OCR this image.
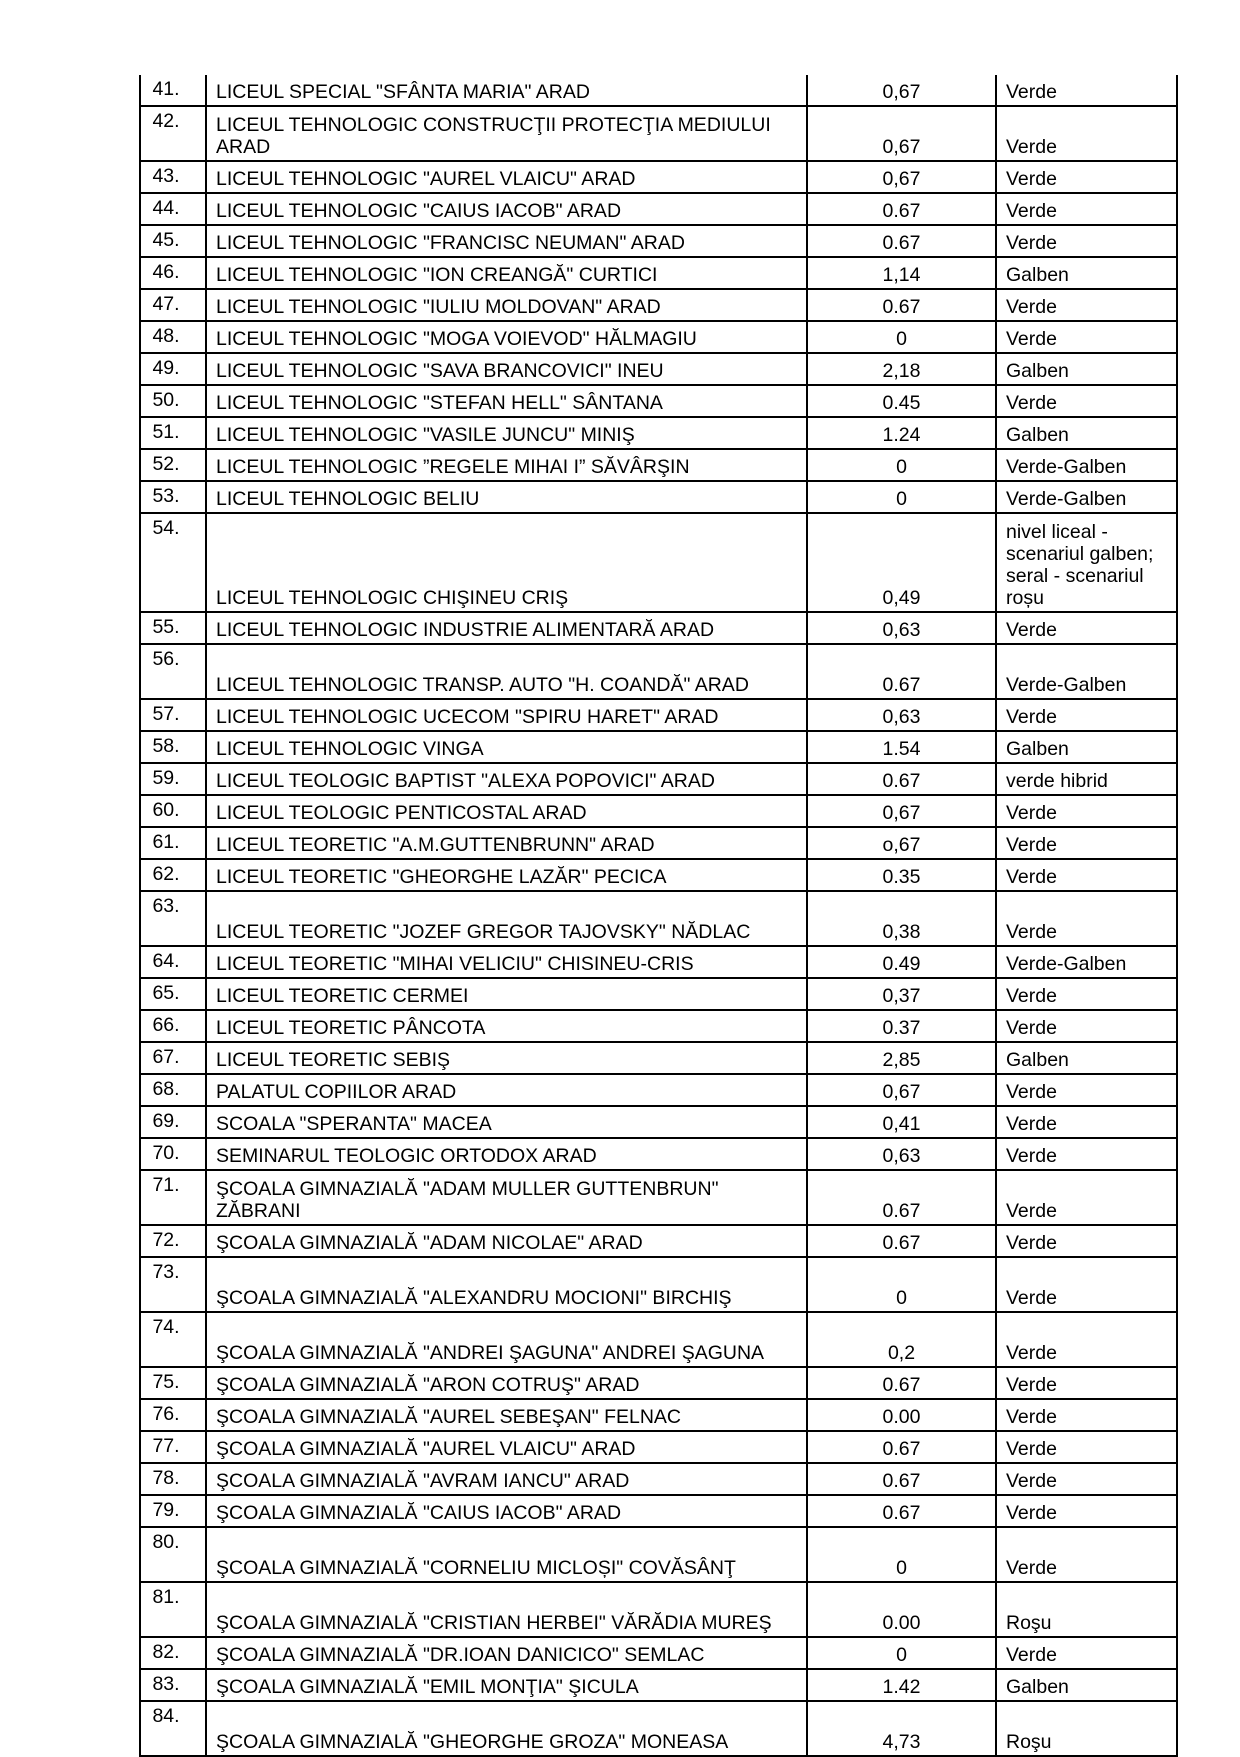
41.	LICEUL SPECIAL "SFÂNTA MARIA" ARAD	0,67	Verde

42.	LICEUL TEHNOLOGIC CONSTRUCŢII PROTECŢIA MEDIULUI ARAD	0,67	Verde

43.	LICEUL TEHNOLOGIC "AUREL VLAICU" ARAD	0,67	Verde

44.	LICEUL TEHNOLOGIC "CAIUS IACOB" ARAD	0.67	Verde

45.	LICEUL TEHNOLOGIC "FRANCISC NEUMAN" ARAD	0.67	Verde

46.	LICEUL TEHNOLOGIC "ION CREANGĂ" CURTICI	1,14	Galben

47.	LICEUL TEHNOLOGIC "IULIU MOLDOVAN" ARAD	0.67	Verde

48.	LICEUL TEHNOLOGIC "MOGA VOIEVOD" HĂLMAGIU	0	Verde

49.	LICEUL TEHNOLOGIC "SAVA BRANCOVICI" INEU	2,18	Galben

50.	LICEUL TEHNOLOGIC "STEFAN HELL" SÂNTANA	0.45	Verde

51.	LICEUL TEHNOLOGIC "VASILE JUNCU" MINIŞ	1.24	Galben

52.	LICEUL TEHNOLOGIC ”REGELE MIHAI I” SĂVÂRŞIN	0	Verde-Galben

53.	LICEUL TEHNOLOGIC BELIU	0	Verde-Galben

54.	LICEUL TEHNOLOGIC CHIŞINEU CRIŞ	0,49	nivel liceal - scenariul galben; seral - scenariul roșu

55.	LICEUL TEHNOLOGIC INDUSTRIE ALIMENTARĂ ARAD	0,63	Verde

56.	LICEUL TEHNOLOGIC TRANSP. AUTO "H. COANDĂ" ARAD	0.67	Verde-Galben

57.	LICEUL TEHNOLOGIC UCECOM "SPIRU HARET" ARAD	0,63	Verde

58.	LICEUL TEHNOLOGIC VINGA	1.54	Galben

59.	LICEUL TEOLOGIC BAPTIST "ALEXA POPOVICI" ARAD	0.67	verde hibrid

60.	LICEUL TEOLOGIC PENTICOSTAL ARAD	0,67	Verde

61.	LICEUL TEORETIC "A.M.GUTTENBRUNN" ARAD	o,67	Verde

62.	LICEUL TEORETIC "GHEORGHE LAZĂR" PECICA	0.35	Verde

63.	LICEUL TEORETIC "JOZEF GREGOR TAJOVSKY" NĂDLAC	0,38	Verde

64.	LICEUL TEORETIC "MIHAI VELICIU" CHISINEU-CRIS	0.49	Verde-Galben

65.	LICEUL TEORETIC CERMEI	0,37	Verde

66.	LICEUL TEORETIC PÂNCOTA	0.37	Verde

67.	LICEUL TEORETIC SEBIŞ	2,85	Galben

68.	PALATUL COPIILOR ARAD	0,67	Verde

69.	SCOALA "SPERANTA" MACEA	0,41	Verde

70.	SEMINARUL TEOLOGIC ORTODOX ARAD	0,63	Verde

71.	ŞCOALA GIMNAZIALĂ "ADAM MULLER GUTTENBRUN" ZĂBRANI	0.67	Verde

72.	ŞCOALA GIMNAZIALĂ "ADAM NICOLAE" ARAD	0.67	Verde

73.	ŞCOALA GIMNAZIALĂ "ALEXANDRU MOCIONI" BIRCHIŞ	0	Verde

74.	ŞCOALA GIMNAZIALĂ "ANDREI ŞAGUNA" ANDREI ŞAGUNA	0,2	Verde

75.	ŞCOALA GIMNAZIALĂ "ARON COTRUŞ" ARAD	0.67	Verde

76.	ŞCOALA GIMNAZIALĂ "AUREL SEBEŞAN" FELNAC	0.00	Verde

77.	ŞCOALA GIMNAZIALĂ "AUREL VLAICU" ARAD	0.67	Verde

78.	ŞCOALA GIMNAZIALĂ "AVRAM IANCU" ARAD	0.67	Verde

79.	ŞCOALA GIMNAZIALĂ "CAIUS IACOB" ARAD	0.67	Verde

80.	ŞCOALA GIMNAZIALĂ "CORNELIU MICLOȘI" COVĂSÂNŢ	0	Verde

81.	ŞCOALA GIMNAZIALĂ "CRISTIAN HERBEI" VĂRĂDIA MUREŞ	0.00	Roşu

82.	ŞCOALA GIMNAZIALĂ "DR.IOAN DANICICO" SEMLAC	0	Verde

83.	ŞCOALA GIMNAZIALĂ "EMIL MONŢIA" ŞICULA	1.42	Galben

84.	ŞCOALA GIMNAZIALĂ "GHEORGHE GROZA" MONEASA	4,73	Roşu
